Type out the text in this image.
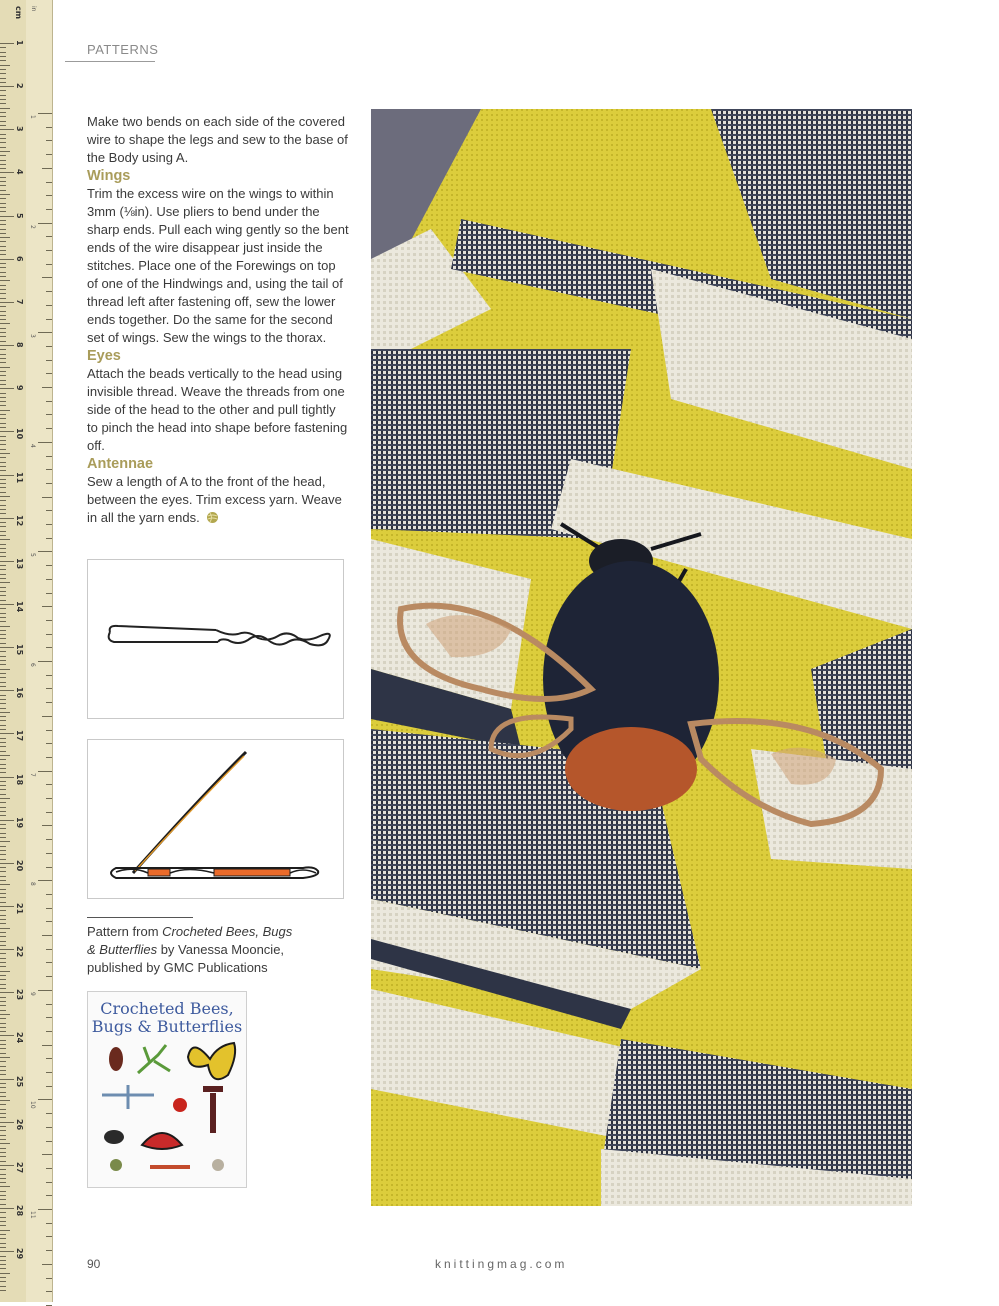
cm in
1
2
3
4
5
6
7
8
9
10
11
12
13
14
15
16
17
18
19
20
21
22
23
24
25
26
27
28
29
1
2
3
4
5
6
7
8
9
10
11
PATTERNS

Make two bends on each side of the covered wire to shape the legs and sew to the base of the Body using A.

Wings

Trim the excess wire on the wings to within 3mm (⅛in). Use pliers to bend under the sharp ends. Pull each wing gently so the bent ends of the wire disappear just inside the stitches. Place one of the Forewings on top of one of the Hindwings and, using the tail of thread left after fastening off, sew the lower ends together. Do the same for the second set of wings. Sew the wings to the thorax.

Eyes

Attach the beads vertically to the head using invisible thread. Weave the threads from one side of the head to the other and pull tightly to pinch the head into shape before fastening off.

Antennae

Sew a length of A to the front of the head, between the eyes. Trim excess yarn. Weave in all the yarn ends.

Pattern from Crocheted Bees, Bugs
& Butterflies by Vanessa Mooncie,
published by GMC Publications
Crocheted Bees,
Bugs & Butterflies
90	knittingmag.com
